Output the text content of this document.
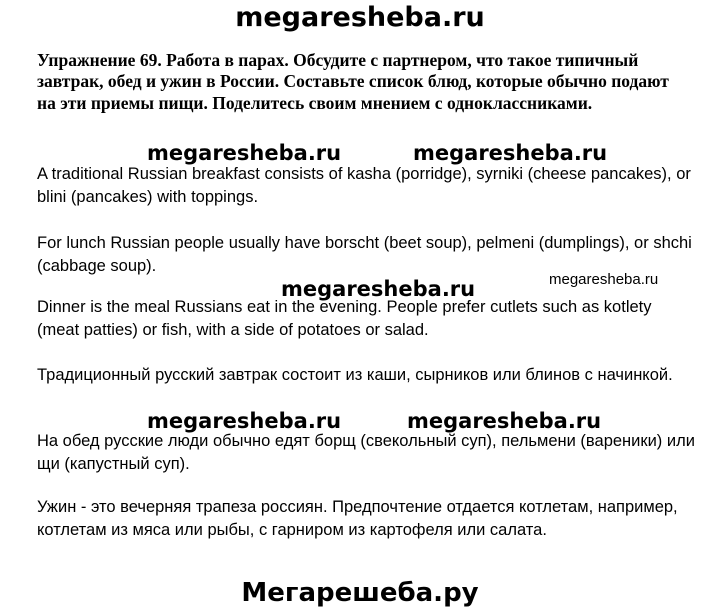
megaresheba.ru
Упражнение 69. Работа в парах. Обсудите с партнером, что такое типичный завтрак, обед и ужин в России. Составьте список блюд, которые обычно подают на эти приемы пищи. Поделитесь своим мнением с одноклассниками.
megaresheba.ru	megaresheba.ru
A traditional Russian breakfast consists of kasha (porridge), syrniki (cheese pancakes), or blini (pancakes) with toppings.
For lunch Russian people usually have borscht (beet soup), pelmeni (dumplings), or shchi (cabbage soup).
megaresheba.ru	megaresheba.ru
Dinner is the meal Russians eat in the evening. People prefer cutlets such as kotlety (meat patties) or fish, with a side of potatoes or salad.
Традиционный русский завтрак состоит из каши, сырников или блинов с начинкой.
megaresheba.ru	megaresheba.ru
На обед русские люди обычно едят борщ (свекольный суп), пельмени (вареники) или щи (капустный суп).
Ужин - это вечерняя трапеза россиян. Предпочтение отдается котлетам, например, котлетам из мяса или рыбы, с гарниром из картофеля или салата.
Мегарешеба.ру
